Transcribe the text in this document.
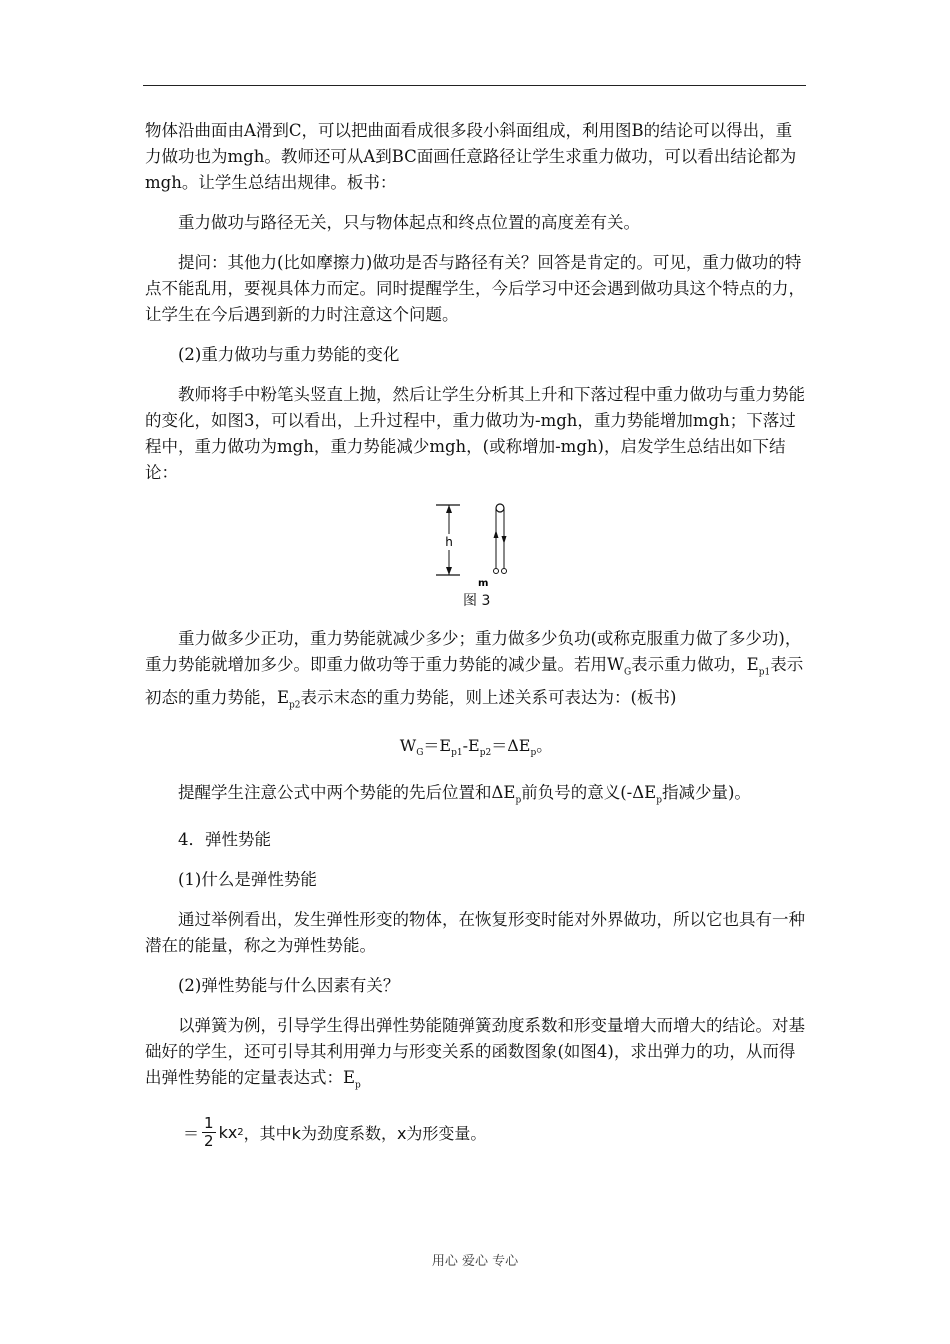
物体沿曲面由A滑到C，可以把曲面看成很多段小斜面组成，利用图B的结论可以得出，重力做功也为mgh。教师还可从A到BC面画任意路径让学生求重力做功，可以看出结论都为mgh。让学生总结出规律。板书：

重力做功与路径无关，只与物体起点和终点位置的高度差有关。

提问：其他力(比如摩擦力)做功是否与路径有关？回答是肯定的。可见，重力做功的特点不能乱用，要视具体力而定。同时提醒学生，今后学习中还会遇到做功具这个特点的力，让学生在今后遇到新的力时注意这个问题。

(2)重力做功与重力势能的变化

教师将手中粉笔头竖直上抛，然后让学生分析其上升和下落过程中重力做功与重力势能的变化，如图3，可以看出，上升过程中，重力做功为-mgh，重力势能增加mgh；下落过程中，重力做功为mgh，重力势能减少mgh，(或称增加-mgh)，启发学生总结出如下结论：

h
m
图 3

重力做多少正功，重力势能就减少多少；重力做多少负功(或称克服重力做了多少功)，重力势能就增加多少。即重力做功等于重力势能的减少量。若用$W_G$表示重力做功，$E_{p1}$表示初态的重力势能，$E_{p2}$表示末态的重力势能，则上述关系可表达为：(板书)

$W_G=E_{p1}-E_{p2}=\Delta E_p$。

提醒学生注意公式中两个势能的先后位置和$\Delta E_p$前负号的意义($-\Delta E_p$指减少量)。

4．弹性势能

(1)什么是弹性势能

通过举例看出，发生弹性形变的物体，在恢复形变时能对外界做功，所以它也具有一种潜在的能量，称之为弹性势能。

(2)弹性势能与什么因素有关？

以弹簧为例，引导学生得出弹性势能随弹簧劲度系数和形变量增大而增大的结论。对基础好的学生，还可引导其利用弹力与形变关系的函数图象(如图4)，求出弹力的功，从而得出弹性势能的定量表达式：$E_p$

＝ $\frac{1}{2}$ kx 2 ，其中k为劲度系数，x为形变量。
用心 爱心 专心
